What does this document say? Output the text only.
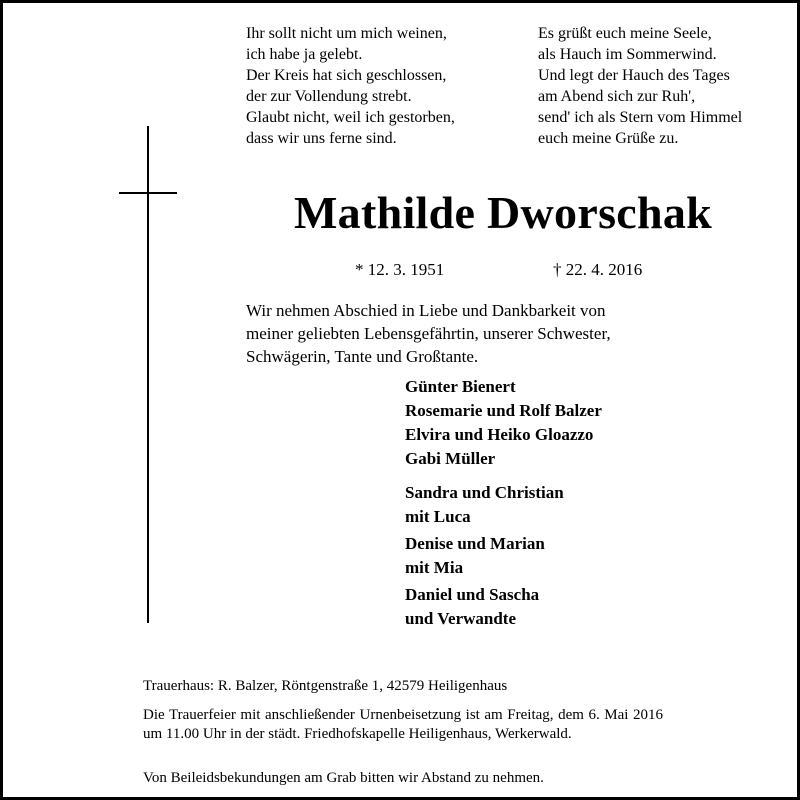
Ihr sollt nicht um mich weinen,
ich habe ja gelebt.
Der Kreis hat sich geschlossen,
der zur Vollendung strebt.
Glaubt nicht, weil ich gestorben,
dass wir uns ferne sind.

Es grüßt euch meine Seele,
als Hauch im Sommerwind.
Und legt der Hauch des Tages
am Abend sich zur Ruh',
send' ich als Stern vom Himmel
euch meine Grüße zu.

Mathilde Dworschak
* 12. 3. 1951	† 22. 4. 2016

Wir nehmen Abschied in Liebe und Dankbarkeit von
meiner geliebten Lebensgefährtin, unserer Schwester,
Schwägerin, Tante und Großtante.

Günter Bienert
Rosemarie und Rolf Balzer
Elvira und Heiko Gloazzo
Gabi Müller
Sandra und Christian
mit Luca
Denise und Marian
mit Mia
Daniel und Sascha
und Verwandte
Trauerhaus: R. Balzer, Röntgenstraße 1, 42579 Heiligenhaus

Die Trauerfeier mit anschließender Urnenbeisetzung ist am Freitag, dem 6. Mai 2016 um 11.00 Uhr in der städt. Friedhofskapelle Heiligenhaus, Werkerwald.

Von Beileidsbekundungen am Grab bitten wir Abstand zu nehmen.
